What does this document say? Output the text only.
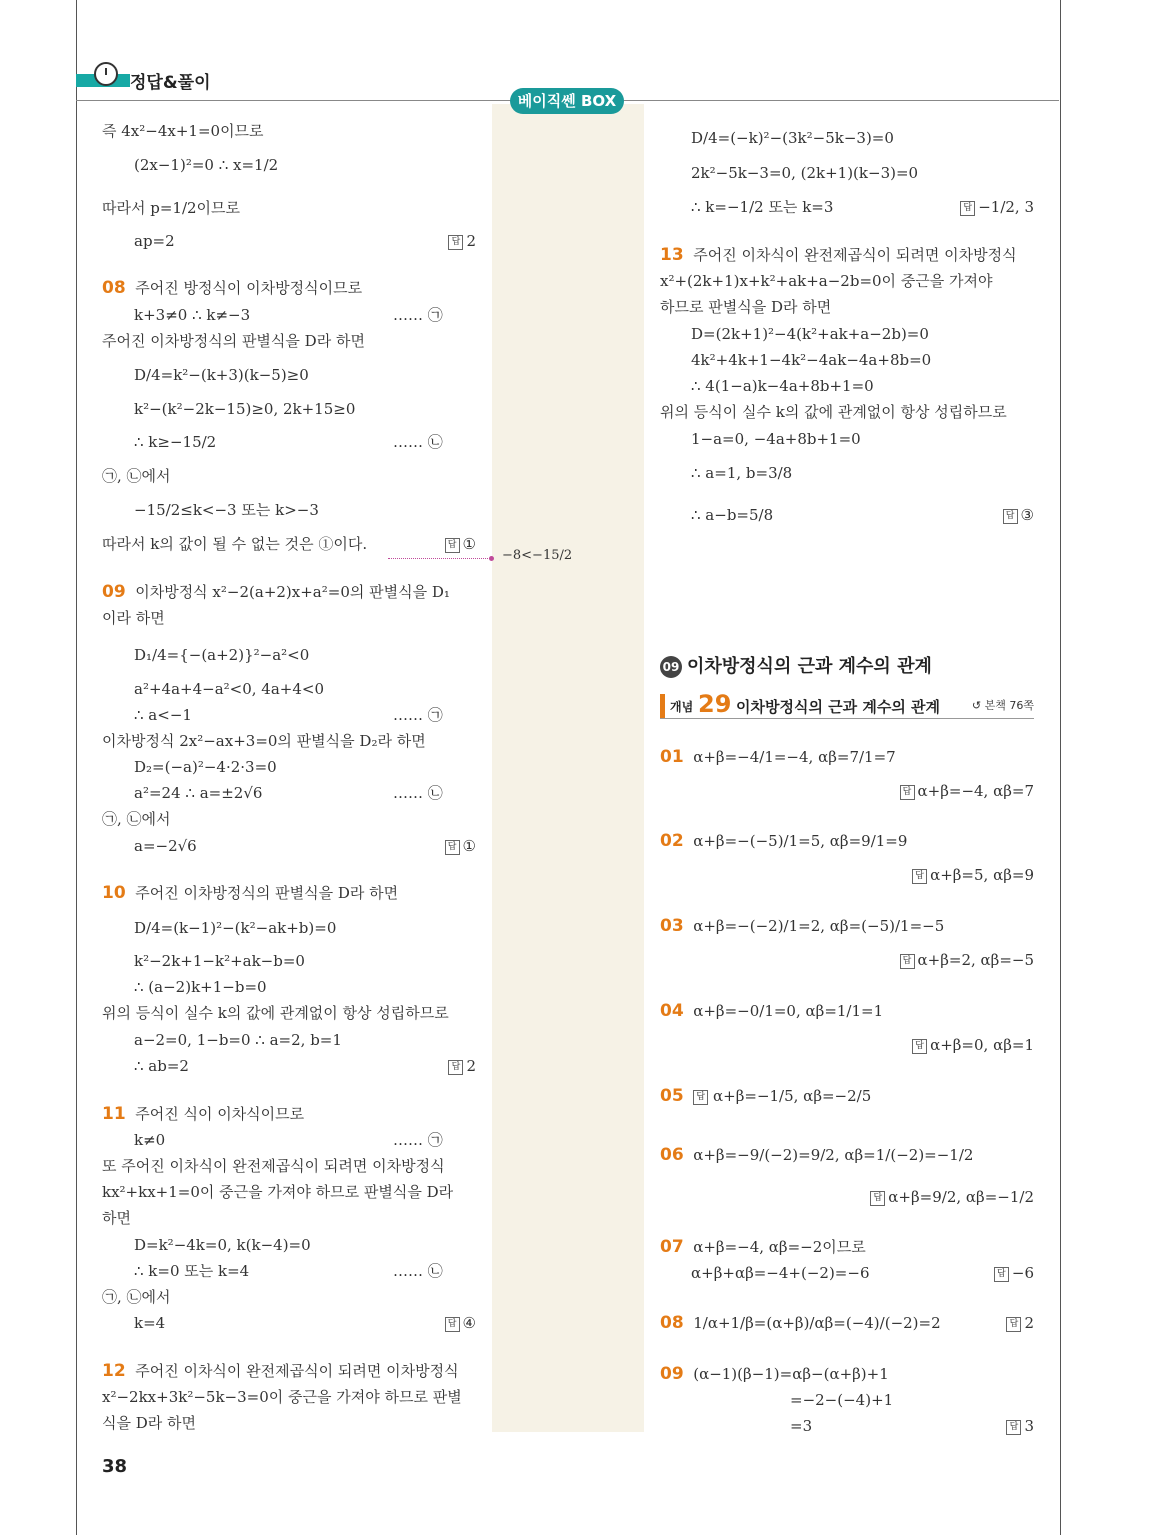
정답&풀이
베이직쎈 BOX
즉 4x²−4x+1=0이므로
(2x−1)²=0 ∴ x=1/2
따라서 p=1/2이므로
ap=2	답 2
08 주어진 방정식이 이차방정식이므로
k+3≠0 ∴ k≠−3	…… ㉠
주어진 이차방정식의 판별식을 D라 하면
D/4=k²−(k+3)(k−5)≥0
k²−(k²−2k−15)≥0, 2k+15≥0
∴ k≥−15/2	…… ㉡
㉠, ㉡에서
−15/2≤k<−3 또는 k>−3
따라서 k의 값이 될 수 없는 것은 ①이다.	답 ①
−8<−15/2
09 이차방정식 x²−2(a+2)x+a²=0의 판별식을 D₁
이라 하면
D₁/4={−(a+2)}²−a²<0
a²+4a+4−a²<0, 4a+4<0
∴ a<−1	…… ㉠
이차방정식 2x²−ax+3=0의 판별식을 D₂라 하면
D₂=(−a)²−4·2·3=0
a²=24 ∴ a=±2√6	…… ㉡
㉠, ㉡에서
a=−2√6	답 ①
10 주어진 이차방정식의 판별식을 D라 하면
D/4=(k−1)²−(k²−ak+b)=0
k²−2k+1−k²+ak−b=0
∴ (a−2)k+1−b=0
위의 등식이 실수 k의 값에 관계없이 항상 성립하므로
a−2=0, 1−b=0 ∴ a=2, b=1
∴ ab=2	답 2
11 주어진 식이 이차식이므로
k≠0	…… ㉠
또 주어진 이차식이 완전제곱식이 되려면 이차방정식
kx²+kx+1=0이 중근을 가져야 하므로 판별식을 D라
하면
D=k²−4k=0, k(k−4)=0
∴ k=0 또는 k=4	…… ㉡
㉠, ㉡에서
k=4	답 ④
12 주어진 이차식이 완전제곱식이 되려면 이차방정식
x²−2kx+3k²−5k−3=0이 중근을 가져야 하므로 판별
식을 D라 하면
38
D/4=(−k)²−(3k²−5k−3)=0
2k²−5k−3=0, (2k+1)(k−3)=0
∴ k=−1/2 또는 k=3	답 −1/2, 3
13 주어진 이차식이 완전제곱식이 되려면 이차방정식
x²+(2k+1)x+k²+ak+a−2b=0이 중근을 가져야
하므로 판별식을 D라 하면
D=(2k+1)²−4(k²+ak+a−2b)=0
4k²+4k+1−4k²−4ak−4a+8b=0
∴ 4(1−a)k−4a+8b+1=0
위의 등식이 실수 k의 값에 관계없이 항상 성립하므로
1−a=0, −4a+8b+1=0
∴ a=1, b=3/8
∴ a−b=5/8	답 ③
09 이차방정식의 근과 계수의 관계
개념 29 이차방정식의 근과 계수의 관계	↺ 본책 76쪽
01 α+β=−4/1=−4, αβ=7/1=7
답 α+β=−4, αβ=7
02 α+β=−(−5)/1=5, αβ=9/1=9
답 α+β=5, αβ=9
03 α+β=−(−2)/1=2, αβ=(−5)/1=−5
답 α+β=2, αβ=−5
04 α+β=−0/1=0, αβ=1/1=1
답 α+β=0, αβ=1
05 답 α+β=−1/5, αβ=−2/5
06 α+β=−9/(−2)=9/2, αβ=1/(−2)=−1/2
답 α+β=9/2, αβ=−1/2
07 α+β=−4, αβ=−2이므로
α+β+αβ=−4+(−2)=−6	답 −6
08 1/α+1/β=(α+β)/αβ=(−4)/(−2)=2	답 2
09 (α−1)(β−1)=αβ−(α+β)+1
=−2−(−4)+1
=3	답 3
